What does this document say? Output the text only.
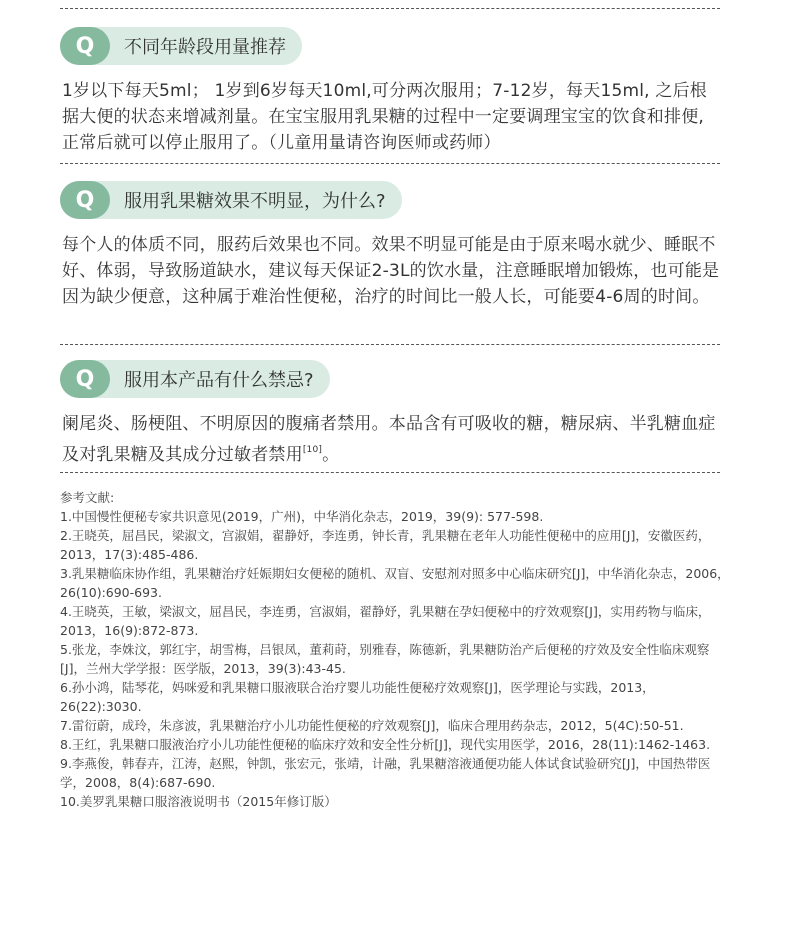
Q	不同年龄段用量推荐
1岁以下每天5ml； 1岁到6岁每天10ml,可分两次服用；7-12岁，每天15ml, 之后根据大便的状态来增减剂量。在宝宝服用乳果糖的过程中一定要调理宝宝的饮食和排便, 正常后就可以停止服用了。（儿童用量请咨询医师或药师）
Q	服用乳果糖效果不明显，为什么?
每个人的体质不同，服药后效果也不同。效果不明显可能是由于原来喝水就少、睡眠不好、体弱，导致肠道缺水，建议每天保证2-3L的饮水量，注意睡眠增加锻炼，也可能是因为缺少便意，这种属于难治性便秘，治疗的时间比一般人长，可能要4-6周的时间。
Q	服用本产品有什么禁忌?
阑尾炎、肠梗阻、不明原因的腹痛者禁用。本品含有可吸收的糖，糖尿病、半乳糖血症及对乳果糖及其成分过敏者禁用[10]。
参考文献:
1.中国慢性便秘专家共识意见(2019，广州)，中华消化杂志，2019，39(9): 577-598.
2.王晓英，屈昌民，梁淑文，宫淑娟，翟静妤，李连勇，钟长青，乳果糖在老年人功能性便秘中的应用[J]，安徽医药，2013，17(3):485-486.
3.乳果糖临床协作组，乳果糖治疗妊娠期妇女便秘的随机、双盲、安慰剂对照多中心临床研究[J]，中华消化杂志，2006，26(10):690-693.
4.王晓英，王敏，梁淑文，屈昌民，李连勇，宫淑娟，翟静妤，乳果糖在孕妇便秘中的疗效观察[J]，实用药物与临床，2013，16(9):872-873.
5.张龙，李姝汶，郭红宇，胡雪梅，吕银凤，董莉莳，别雅春，陈德新，乳果糖防治产后便秘的疗效及安全性临床观察[J]，兰州大学学报：医学版，2013，39(3):43-45.
6.孙小鸿，陆琴花，妈咪爱和乳果糖口服液联合治疗婴儿功能性便秘疗效观察[J]，医学理论与实践，2013，26(22):3030.
7.雷衍蔚，成玲，朱彦波，乳果糖治疗小儿功能性便秘的疗效观察[J]，临床合理用药杂志，2012，5(4C):50-51.
8.王红，乳果糖口服液治疗小儿功能性便秘的临床疗效和安全性分析[J]，现代实用医学，2016，28(11):1462-1463.
9.李燕俊，韩春卉，江涛，赵熙，钟凯，张宏元，张靖，计融，乳果糖溶液通便功能人体试食试验研究[J]，中国热带医学，2008，8(4):687-690.
10.美罗乳果糖口服溶液说明书（2015年修订版）
